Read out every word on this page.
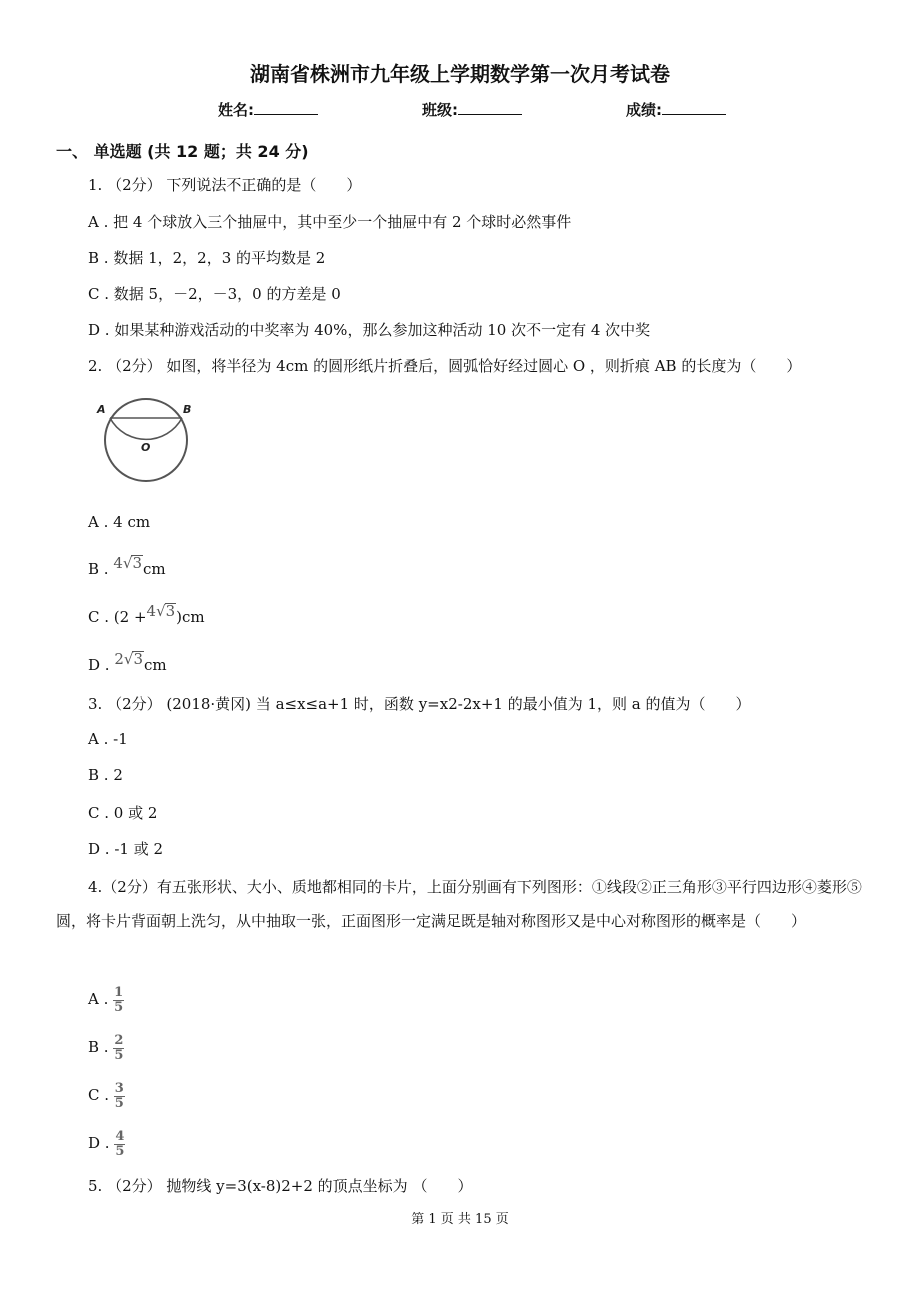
湖南省株洲市九年级上学期数学第一次月考试卷
姓名:	班级:	成绩:
一、 单选题 (共 12 题；共 24 分)
1. （2分） 下列说法不正确的是（　　）
A . 把 4 个球放入三个抽屉中，其中至少一个抽屉中有 2 个球时必然事件
B . 数据 1，2，2，3 的平均数是 2
C . 数据 5，－2，－3，0 的方差是 0
D . 如果某种游戏活动的中奖率为 40%，那么参加这种活动 10 次不一定有 4 次中奖
2. （2分） 如图，将半径为 4cm 的圆形纸片折叠后，圆弧恰好经过圆心 O ，则折痕 AB 的长度为（　　）
A	B
O
A . 4 cm
B . 4√3cm
C . (2 +4√3)cm
D . 2√3cm
3. （2分） (2018·黄冈) 当 a≤x≤a+1 时，函数 y=x2-2x+1 的最小值为 1，则 a 的值为（　　）
A . -1
B . 2
C . 0 或 2
D . -1 或 2
4.（2分）有五张形状、大小、质地都相同的卡片，上面分别画有下列图形：①线段②正三角形③平行四边形④菱形⑤圆，将卡片背面朝上洗匀，从中抽取一张，正面图形一定满足既是轴对称图形又是中心对称图形的概率是（　　）
A . $\frac{1}{5}$
B . $\frac{2}{5}$
C . $\frac{3}{5}$
D . $\frac{4}{5}$
5. （2分） 抛物线 y=3(x-8)2+2 的顶点坐标为 （　　）
第 1 页 共 15 页
